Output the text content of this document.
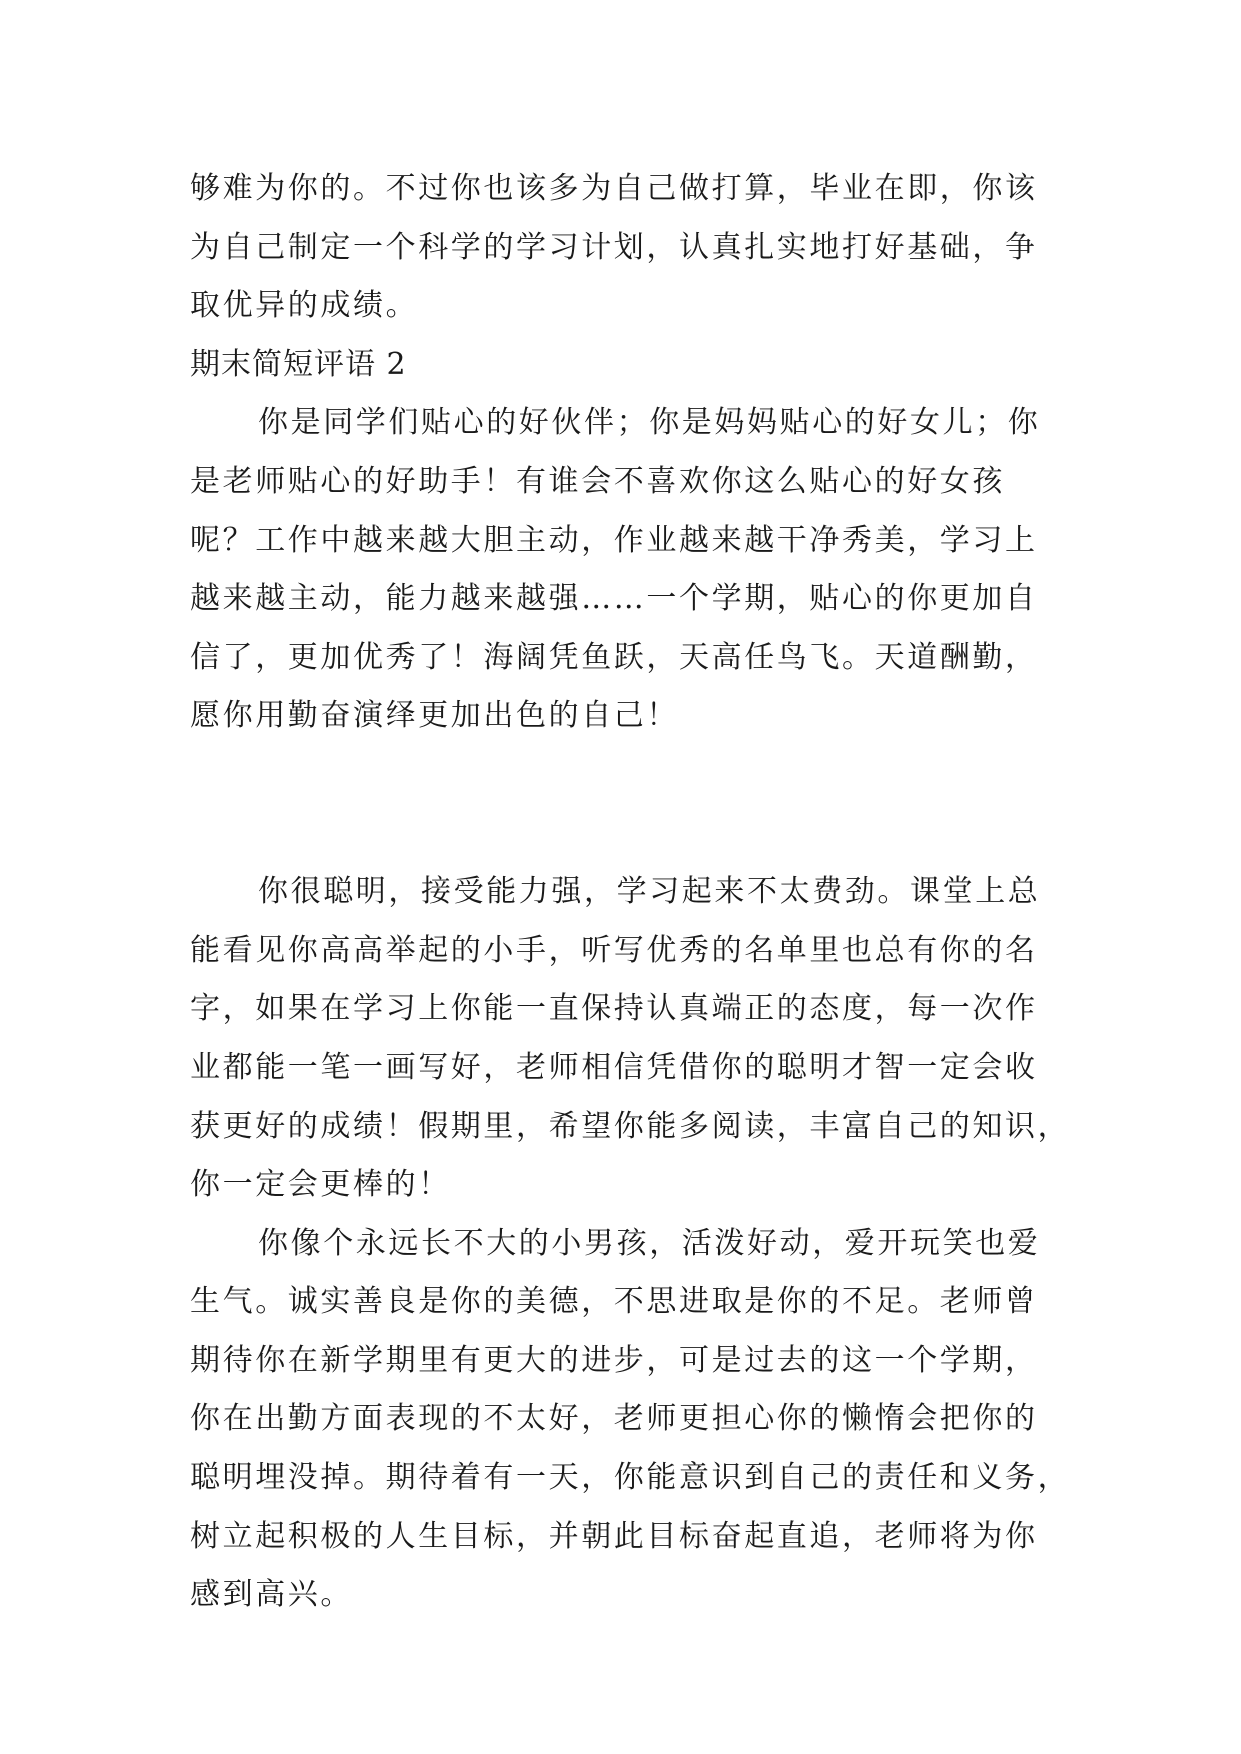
够难为你的。不过你也该多为自己做打算，毕业在即，你该
为自己制定一个科学的学习计划，认真扎实地打好基础，争
取优异的成绩。
期末简短评语 2
你是同学们贴心的好伙伴；你是妈妈贴心的好女儿；你
是老师贴心的好助手！有谁会不喜欢你这么贴心的好女孩
呢？工作中越来越大胆主动，作业越来越干净秀美，学习上
越来越主动，能力越来越强……一个学期，贴心的你更加自
信了，更加优秀了！海阔凭鱼跃，天高任鸟飞。天道酬勤，
愿你用勤奋演绎更加出色的自己！
你很聪明，接受能力强，学习起来不太费劲。课堂上总
能看见你高高举起的小手，听写优秀的名单里也总有你的名
字，如果在学习上你能一直保持认真端正的态度，每一次作
业都能一笔一画写好，老师相信凭借你的聪明才智一定会收
获更好的成绩！假期里，希望你能多阅读，丰富自己的知识，
你一定会更棒的！
你像个永远长不大的小男孩，活泼好动，爱开玩笑也爱
生气。诚实善良是你的美德，不思进取是你的不足。老师曾
期待你在新学期里有更大的进步，可是过去的这一个学期，
你在出勤方面表现的不太好，老师更担心你的懒惰会把你的
聪明埋没掉。期待着有一天，你能意识到自己的责任和义务，
树立起积极的人生目标，并朝此目标奋起直追，老师将为你
感到高兴。
